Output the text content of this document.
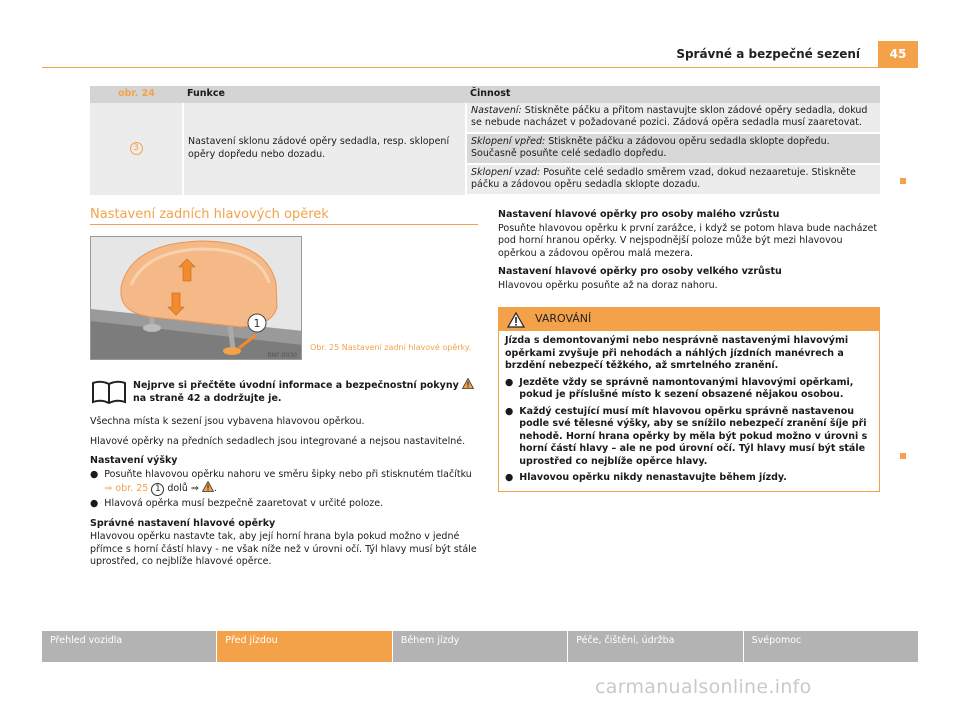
Správné a bezpečné sezení	45
obr. 24	Funkce	Činnost
3	Nastavení sklonu zádové opěry sedadla, resp. sklopení opěry dopředu nebo dozadu.	Nastavení: Stiskněte páčku a přitom nastavujte sklon zádové opěry sedadla, dokud se nebude nacházet v požadované pozici. Zádová opěra sedadla musí zaaretovat.
		Sklopení vpřed: Stiskněte páčku a zádovou opěru sedadla sklopte dopředu. Současně posuňte celé sedadlo dopředu.
		Sklopení vzad: Posuňte celé sedadlo směrem vzad, dokud nezaaretuje. Stiskněte páčku a zádovou opěru sedadla sklopte dozadu.
Nastavení zadních hlavových opěrek
1
BNF-0030
Obr. 25 Nastavení zadní hlavové opěrky.
Nejprve si přečtěte úvodní informace a bezpečnostní pokyny  na straně 42 a dodržujte je.

Všechna místa k sezení jsou vybavena hlavovou opěrkou.

Hlavové opěrky na předních sedadlech jsou integrované a nejsou nastavitelné.

Nastavení výšky
● Posuňte hlavovou opěrku nahoru ve směru šipky nebo při stisknutém tlačítku ⇒ obr. 25 1 dolů ⇒ .
● Hlavová opěrka musí bezpečně zaaretovat v určité poloze.
Správné nastavení hlavové opěrky

Hlavovou opěrku nastavte tak, aby její horní hrana byla pokud možno v jedné přímce s horní částí hlavy - ne však níže než v úrovni očí. Týl hlavy musí být stále uprostřed, co nejblíže hlavové opěrce.

Nastavení hlavové opěrky pro osoby malého vzrůstu

Posuňte hlavovou opěrku k první zarážce, i když se potom hlava bude nacházet pod horní hranou opěrky. V nejspodnější poloze může být mezi hlavovou opěrkou a zádovou opěrou malá mezera.

Nastavení hlavové opěrky pro osoby velkého vzrůstu

Hlavovou opěrku posuňte až na doraz nahoru.

VAROVÁNÍ

Jízda s demontovanými nebo nesprávně nastavenými hlavovými opěrkami zvyšuje při nehodách a náhlých jízdních manévrech a brzdění nebezpečí těžkého, až smrtelného zranění.

● Jezděte vždy se správně namontovanými hlavovými opěrkami, pokud je příslušné místo k sezení obsazené nějakou osobou.
● Každý cestující musí mít hlavovou opěrku správně nastavenou podle své tělesné výšky, aby se snížilo nebezpečí zranění šíje při nehodě. Horní hrana opěrky by měla být pokud možno v úrovni s horní částí hlavy – ale ne pod úrovní očí. Týl hlavy musí být stále uprostřed co nejblíže opěrce hlavy.
● Hlavovou opěrku nikdy nenastavujte během jízdy.
Přehled vozidla	Před jízdou	Během jízdy	Péče, čištění, údržba	Svépomoc
carmanualsonline.info
